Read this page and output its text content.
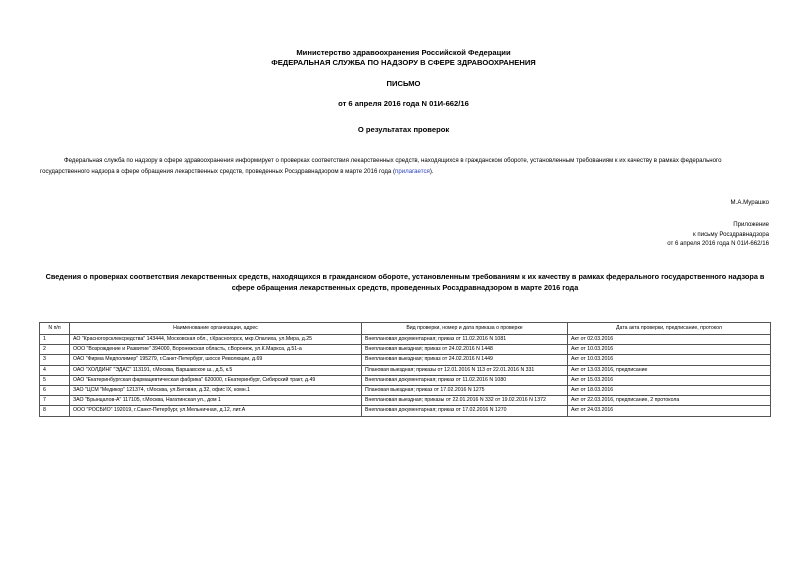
Министерство здравоохранения Российской Федерации
ФЕДЕРАЛЬНАЯ СЛУЖБА ПО НАДЗОРУ В СФЕРЕ ЗДРАВООХРАНЕНИЯ
ПИСЬМО
от 6 апреля 2016 года N 01И-662/16
О результатах проверок
Федеральная служба по надзору в сфере здравоохранения информирует о проверках соответствия лекарственных средств, находящихся в гражданском обороте, установленным требованиям к их качеству в рамках федерального государственного надзора в сфере обращения лекарственных средств, проведенных Росздравнадзором в марте 2016 года (прилагается).
М.А.Мурашко
Приложение
к письму Росздравнадзора
от 6 апреля 2016 года N 01И-662/16
Сведения о проверках соответствия лекарственных средств, находящихся в гражданском обороте, установленным требованиям к их качеству в рамках федерального государственного надзора в сфере обращения лекарственных средств, проведенных Росздравнадзором в марте 2016 года
N п/п	Наименование организации, адрес	Вид проверки, номер и дата приказа о проверке	Дата акта проверки, предписание, протокол
1	АО "Красногорсклексредства" 143444, Московская обл., г.Красногорск, мкр.Опалиха, ул.Мира, д.25	Внеплановая документарная; приказ от 11.02.2016 N 1081	Акт от 02.03.2016
2	ООО "Возрождение и Развитие" 394000, Воронежская область, г.Воронеж, ул.К.Маркса, д.51-а	Внеплановая выездная; приказ от 24.02.2016 N 1448	Акт от 10.03.2016
3	ОАО "Фирма Медполимер" 195279, г.Санкт-Петербург, шоссе Революции, д.69	Внеплановая выездная; приказ от 24.02.2016 N 1449	Акт от 10.03.2016
4	ОАО "ХОЛДИНГ "ЭДАС" 113191, г.Москва, Варшавское ш., д.5, к.5	Плановая выездная; приказы от 12.01.2016 N 113 от 22.01.2016 N 331	Акт от 13.03.2016, предписание
5	ОАО "Екатеринбургская фармацевтическая фабрика" 620000, г.Екатеринбург, Сибирский тракт, д.49	Внеплановая документарная; приказ от 11.02.2016 N 1080	Акт от 15.03.2016
6	ЗАО "ЦСМ "Медикор" 121374, г.Москва, ул.Беговая, д.32, офис IX, комн.1	Плановая выездная; приказ от 17.02.2016 N 1275	Акт от 18.03.2016
7	ЗАО "Брынцалов-А" 117105, г.Москва, Нагатинская ул., дом 1	Внеплановая выездная; приказы от 22.01.2016 N 332 от 19.02.2016 N 1372	Акт от 22.03.2016, предписание, 2 протокола
8	ООО "РОСБИО" 192019, г.Санкт-Петербург, ул.Мельничная, д.12, лит.А	Внеплановая документарная; приказ от 17.02.2016 N 1270	Акт от 24.03.2016
